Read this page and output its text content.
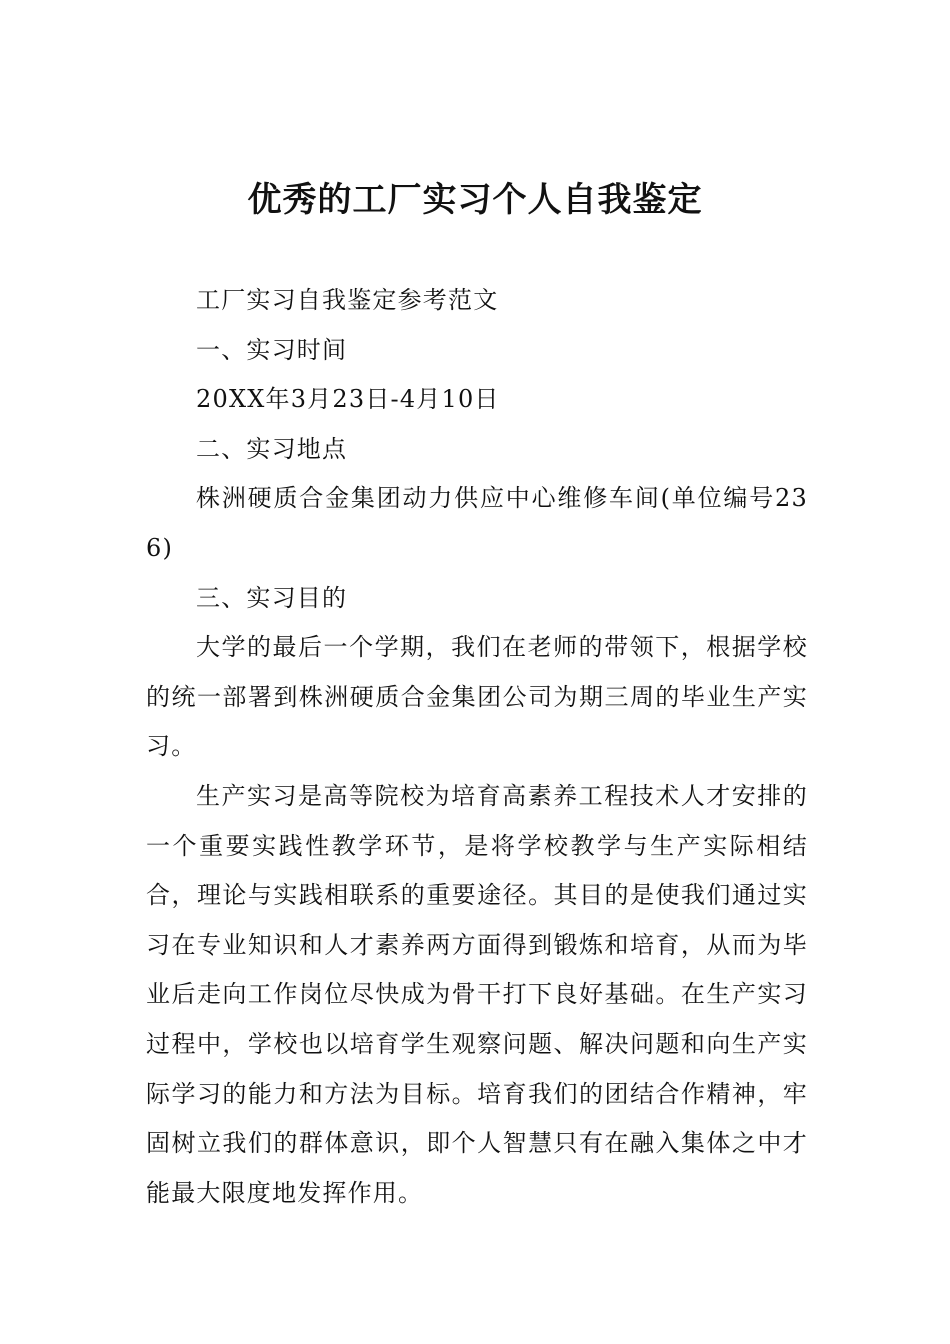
优秀的工厂实习个人自我鉴定

工厂实习自我鉴定参考范文

一、实习时间

20XX年3月23日-4月10日

二、实习地点

株洲硬质合金集团动力供应中心维修车间(单位编号236)

三、实习目的

大学的最后一个学期，我们在老师的带领下，根据学校的统一部署到株洲硬质合金集团公司为期三周的毕业生产实习。

生产实习是高等院校为培育高素养工程技术人才安排的一个重要实践性教学环节，是将学校教学与生产实际相结合，理论与实践相联系的重要途径。其目的是使我们通过实习在专业知识和人才素养两方面得到锻炼和培育，从而为毕业后走向工作岗位尽快成为骨干打下良好基础。在生产实习过程中，学校也以培育学生观察问题、解决问题和向生产实际学习的能力和方法为目标。培育我们的团结合作精神，牢固树立我们的群体意识，即个人智慧只有在融入集体之中才能最大限度地发挥作用。
